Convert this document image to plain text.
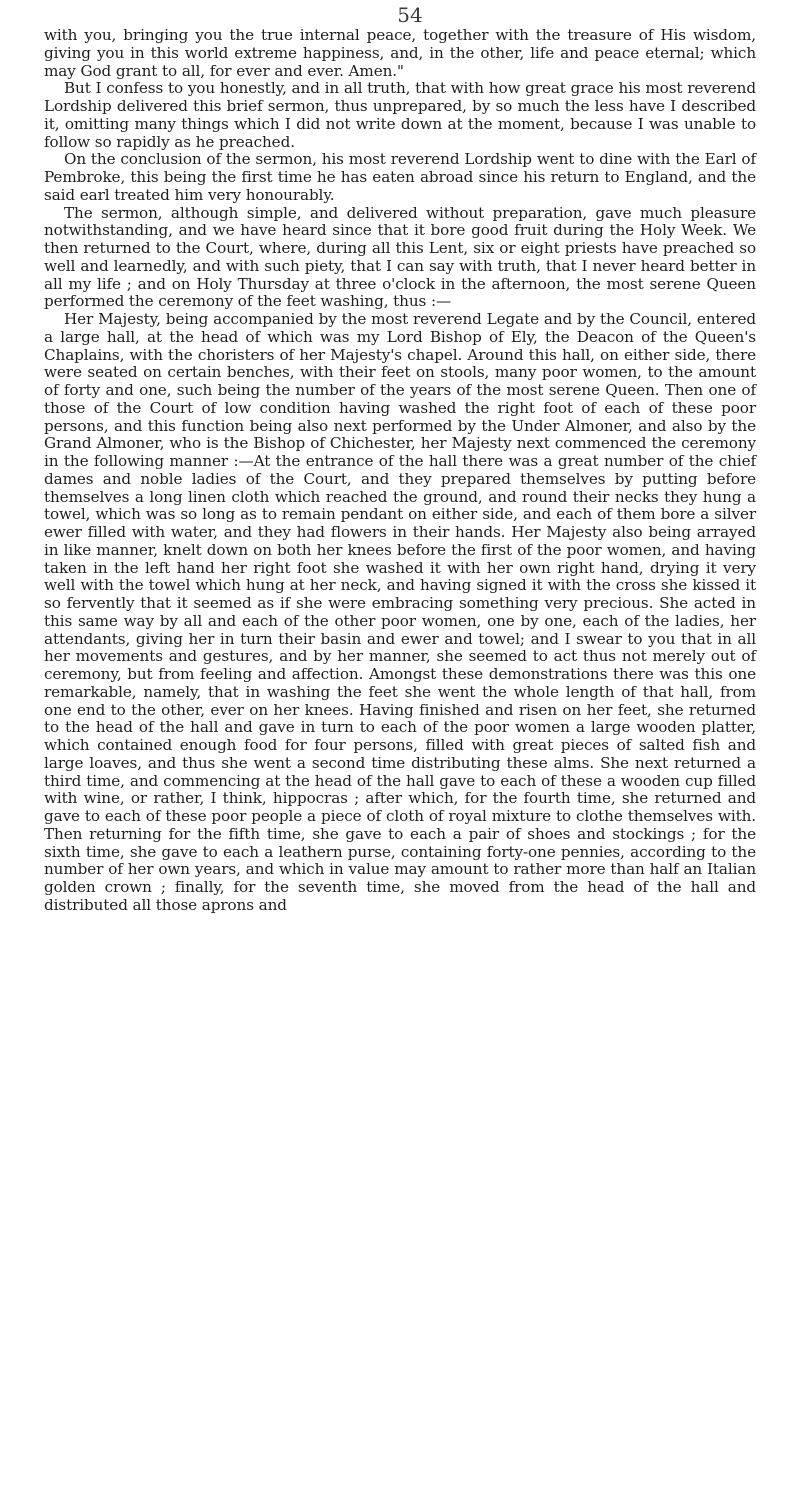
54

with you, bringing you the true internal peace, together with the treasure of His wisdom, giving you in this world extreme happiness, and, in the other, life and peace eternal; which may God grant to all, for ever and ever. Amen."

But I confess to you honestly, and in all truth, that with how great grace his most reverend Lordship delivered this brief sermon, thus unprepared, by so much the less have I described it, omitting many things which I did not write down at the moment, because I was unable to follow so rapidly as he preached.

On the conclusion of the sermon, his most reverend Lordship went to dine with the Earl of Pembroke, this being the first time he has eaten abroad since his return to England, and the said earl treated him very honourably.

The sermon, although simple, and delivered without preparation, gave much pleasure notwithstanding, and we have heard since that it bore good fruit during the Holy Week. We then returned to the Court, where, during all this Lent, six or eight priests have preached so well and learnedly, and with such piety, that I can say with truth, that I never heard better in all my life ; and on Holy Thursday at three o'clock in the afternoon, the most serene Queen performed the ceremony of the feet washing, thus :—

Her Majesty, being accompanied by the most reverend Legate and by the Council, entered a large hall, at the head of which was my Lord Bishop of Ely, the Deacon of the Queen's Chaplains, with the choristers of her Majesty's chapel. Around this hall, on either side, there were seated on certain benches, with their feet on stools, many poor women, to the amount of forty and one, such being the number of the years of the most serene Queen. Then one of those of the Court of low condition having washed the right foot of each of these poor persons, and this function being also next performed by the Under Almoner, and also by the Grand Almoner, who is the Bishop of Chichester, her Majesty next commenced the ceremony in the following manner :—At the entrance of the hall there was a great number of the chief dames and noble ladies of the Court, and they prepared themselves by putting before themselves a long linen cloth which reached the ground, and round their necks they hung a towel, which was so long as to remain pendant on either side, and each of them bore a silver ewer filled with water, and they had flowers in their hands. Her Majesty also being arrayed in like manner, knelt down on both her knees before the first of the poor women, and having taken in the left hand her right foot she washed it with her own right hand, drying it very well with the towel which hung at her neck, and having signed it with the cross she kissed it so fervently that it seemed as if she were embracing something very precious. She acted in this same way by all and each of the other poor women, one by one, each of the ladies, her attendants, giving her in turn their basin and ewer and towel; and I swear to you that in all her movements and gestures, and by her manner, she seemed to act thus not merely out of ceremony, but from feeling and affection. Amongst these demonstrations there was this one remarkable, namely, that in washing the feet she went the whole length of that hall, from one end to the other, ever on her knees. Having finished and risen on her feet, she returned to the head of the hall and gave in turn to each of the poor women a large wooden platter, which contained enough food for four persons, filled with great pieces of salted fish and large loaves, and thus she went a second time distributing these alms. She next returned a third time, and commencing at the head of the hall gave to each of these a wooden cup filled with wine, or rather, I think, hippocras ; after which, for the fourth time, she returned and gave to each of these poor people a piece of cloth of royal mixture to clothe themselves with. Then returning for the fifth time, she gave to each a pair of shoes and stockings ; for the sixth time, she gave to each a leathern purse, containing forty-one pennies, according to the number of her own years, and which in value may amount to rather more than half an Italian golden crown ; finally, for the seventh time, she moved from the head of the hall and distributed all those aprons and
